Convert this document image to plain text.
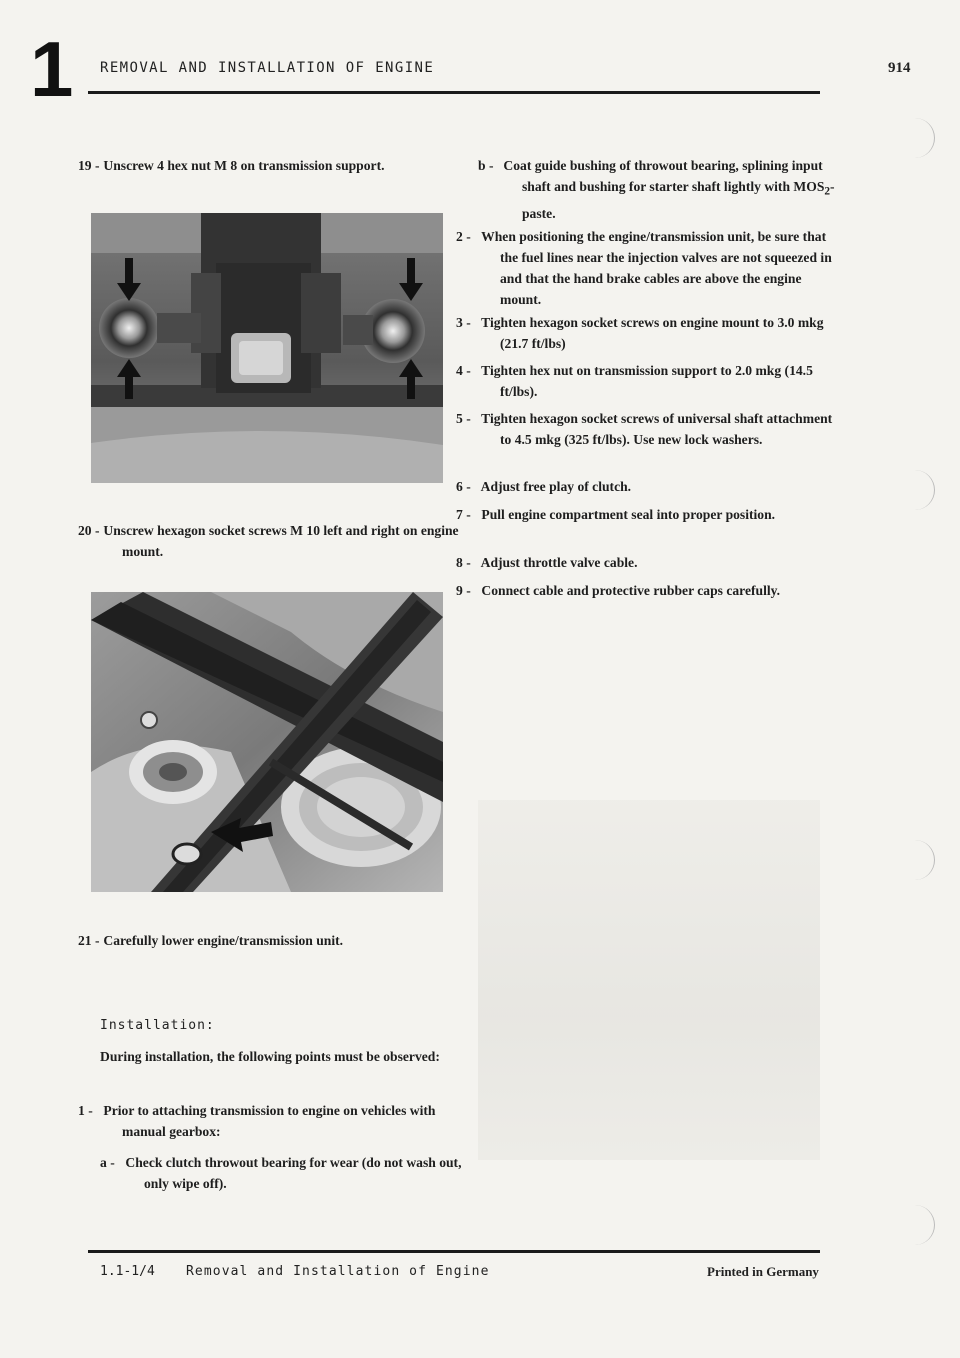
1 REMOVAL AND INSTALLATION OF ENGINE	914
19 - Unscrew 4 hex nut M 8 on transmission support.
20 - Unscrew hexagon socket screws M 10 left and right on engine mount.
21 - Carefully lower engine/transmission unit.
Installation:
During installation, the following points must be observed:
1 - Prior to attaching transmission to engine on vehicles with manual gearbox:
a - Check clutch throwout bearing for wear (do not wash out, only wipe off).
b - Coat guide bushing of throwout bearing, splining input shaft and bushing for starter shaft lightly with $MOS_2$-paste.
2 - When positioning the engine/transmission unit, be sure that the fuel lines near the injection valves are not squeezed in and that the hand brake cables are above the engine mount.
3 - Tighten hexagon socket screws on engine mount to 3.0 mkg (21.7 ft/lbs)
4 - Tighten hex nut on transmission support to 2.0 mkg (14.5 ft/lbs).
5 - Tighten hexagon socket screws of universal shaft attachment to 4.5 mkg (325 ft/lbs). Use new lock washers.
6 - Adjust free play of clutch.
7 - Pull engine compartment seal into proper position.
8 - Adjust throttle valve cable.
9 - Connect cable and protective rubber caps carefully.
1.1-1/4 Removal and Installation of Engine	Printed in Germany
